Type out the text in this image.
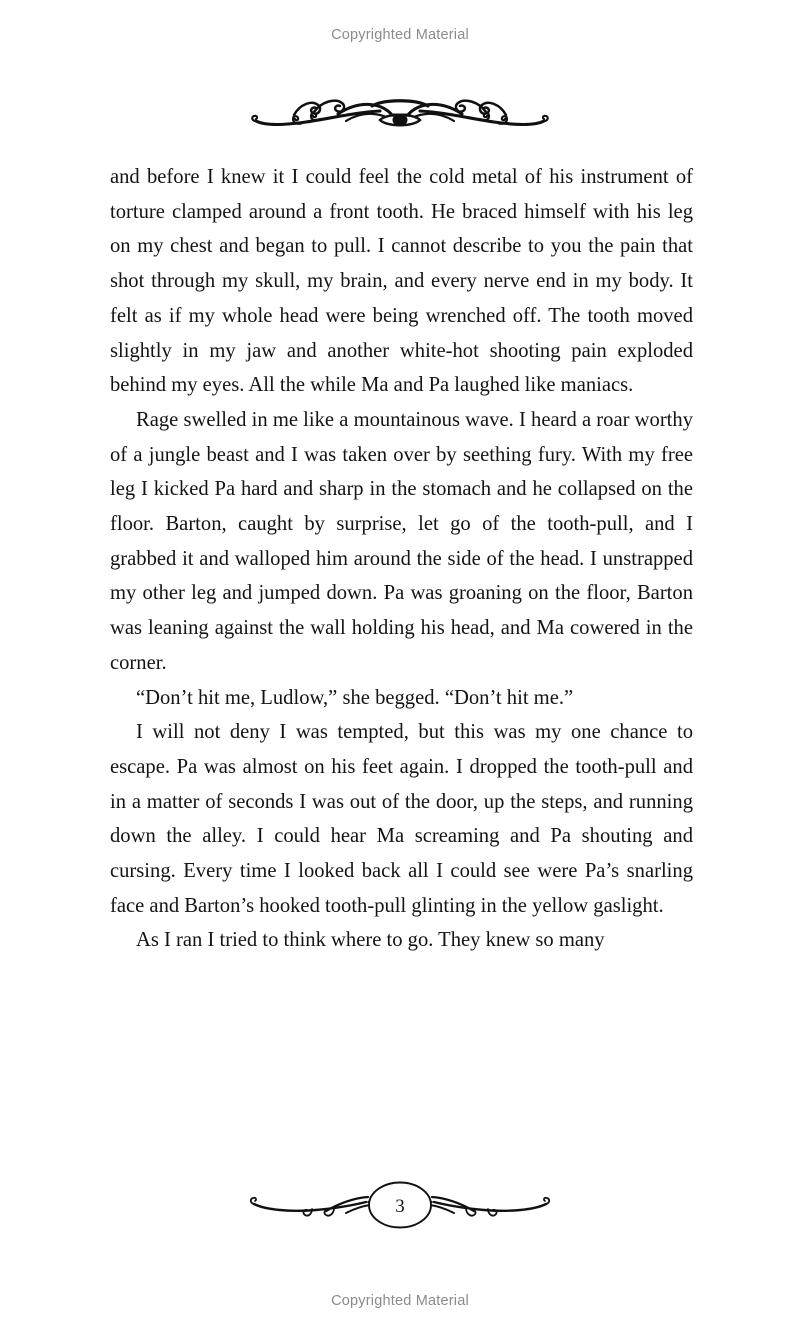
Copyrighted Material

and before I knew it I could feel the cold metal of his instrument of torture clamped around a front tooth. He braced himself with his leg on my chest and began to pull. I cannot describe to you the pain that shot through my skull, my brain, and every nerve end in my body. It felt as if my whole head were being wrenched off. The tooth moved slightly in my jaw and another white-hot shooting pain exploded behind my eyes. All the while Ma and Pa laughed like maniacs.

Rage swelled in me like a mountainous wave. I heard a roar worthy of a jungle beast and I was taken over by seething fury. With my free leg I kicked Pa hard and sharp in the stomach and he collapsed on the floor. Barton, caught by surprise, let go of the tooth-pull, and I grabbed it and walloped him around the side of the head. I unstrapped my other leg and jumped down. Pa was groaning on the floor, Barton was leaning against the wall holding his head, and Ma cowered in the corner.

“Don’t hit me, Ludlow,” she begged. “Don’t hit me.”

I will not deny I was tempted, but this was my one chance to escape. Pa was almost on his feet again. I dropped the tooth-pull and in a matter of seconds I was out of the door, up the steps, and running down the alley. I could hear Ma screaming and Pa shouting and cursing. Every time I looked back all I could see were Pa’s snarling face and Barton’s hooked tooth-pull glinting in the yellow gaslight.

As I ran I tried to think where to go. They knew so many

3
Copyrighted Material
